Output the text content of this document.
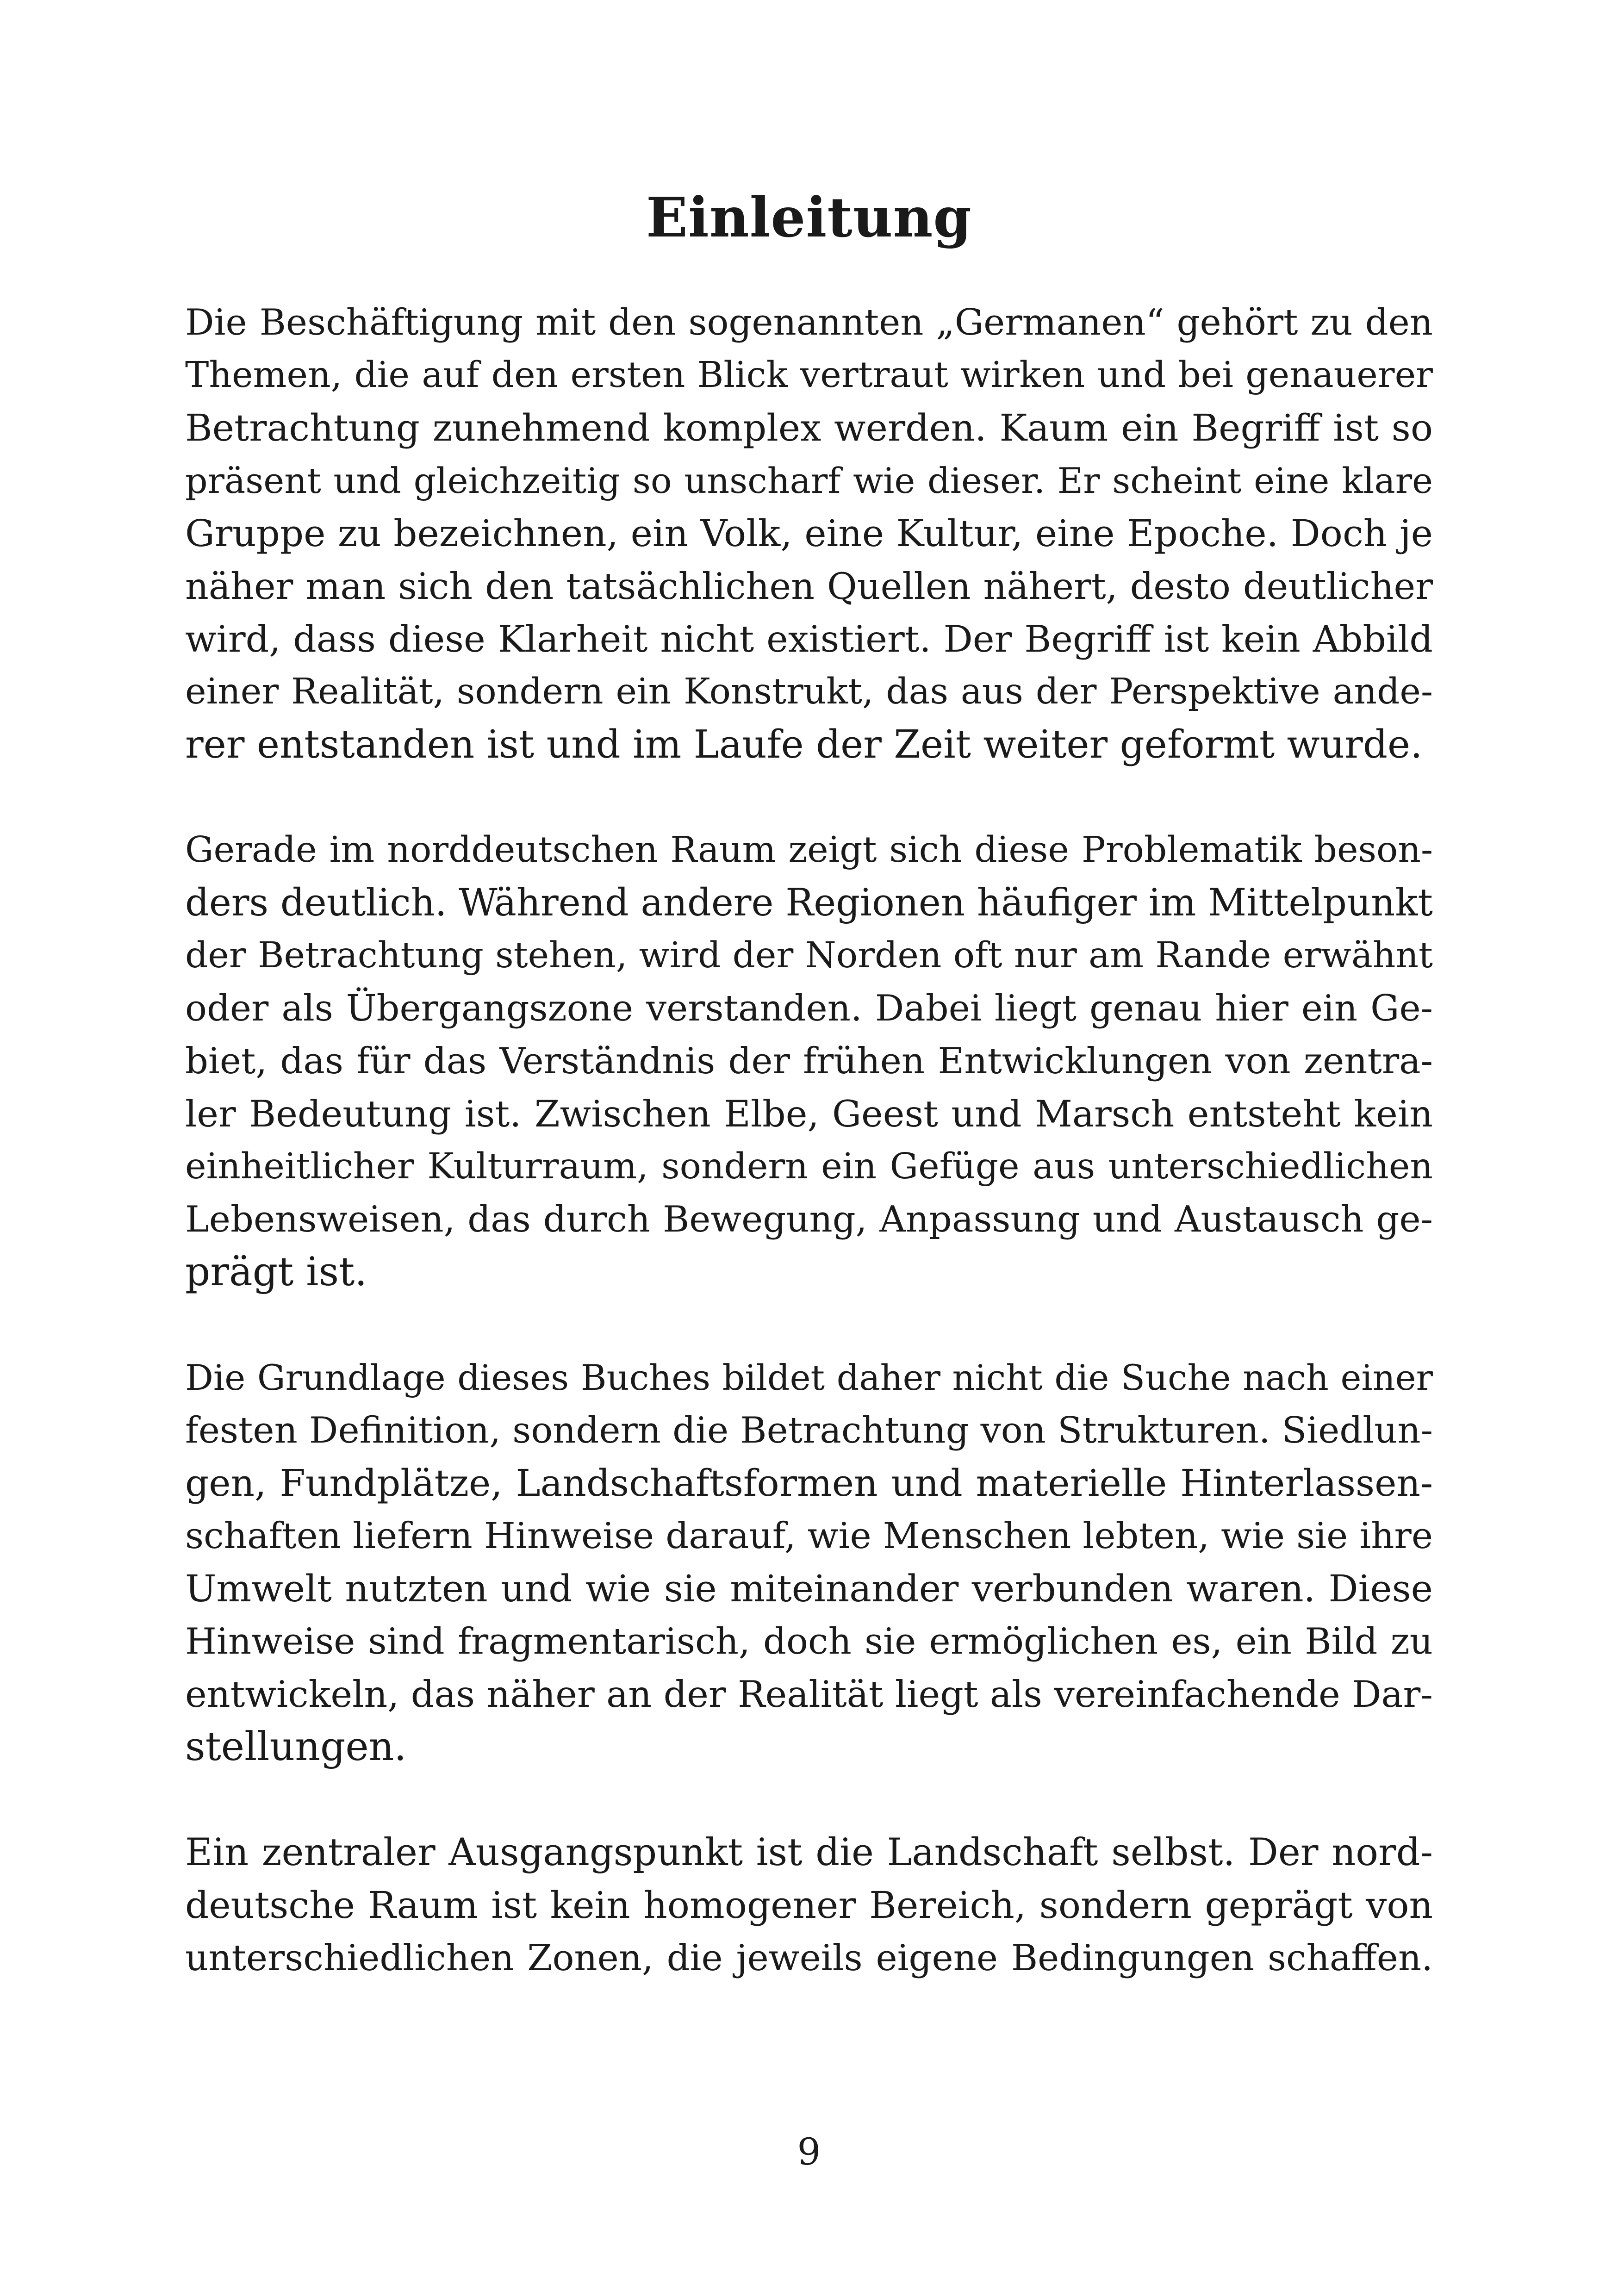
Einleitung

Die Beschäftigung mit den sogenannten „Germanen“ gehört zu den
Themen, die auf den ersten Blick vertraut wirken und bei genauerer
Betrachtung zunehmend komplex werden. Kaum ein Begriff ist so
präsent und gleichzeitig so unscharf wie dieser. Er scheint eine klare
Gruppe zu bezeichnen, ein Volk, eine Kultur, eine Epoche. Doch je
näher man sich den tatsächlichen Quellen nähert, desto deutlicher
wird, dass diese Klarheit nicht existiert. Der Begriff ist kein Abbild
einer Realität, sondern ein Konstrukt, das aus der Perspektive ande-
rer entstanden ist und im Laufe der Zeit weiter geformt wurde.

Gerade im norddeutschen Raum zeigt sich diese Problematik beson-
ders deutlich. Während andere Regionen häufiger im Mittelpunkt
der Betrachtung stehen, wird der Norden oft nur am Rande erwähnt
oder als Übergangszone verstanden. Dabei liegt genau hier ein Ge-
biet, das für das Verständnis der frühen Entwicklungen von zentra-
ler Bedeutung ist. Zwischen Elbe, Geest und Marsch entsteht kein
einheitlicher Kulturraum, sondern ein Gefüge aus unterschiedlichen
Lebensweisen, das durch Bewegung, Anpassung und Austausch ge-
prägt ist.

Die Grundlage dieses Buches bildet daher nicht die Suche nach einer
festen Definition, sondern die Betrachtung von Strukturen. Siedlun-
gen, Fundplätze, Landschaftsformen und materielle Hinterlassen-
schaften liefern Hinweise darauf, wie Menschen lebten, wie sie ihre
Umwelt nutzten und wie sie miteinander verbunden waren. Diese
Hinweise sind fragmentarisch, doch sie ermöglichen es, ein Bild zu
entwickeln, das näher an der Realität liegt als vereinfachende Dar-
stellungen.

Ein zentraler Ausgangspunkt ist die Landschaft selbst. Der nord-
deutsche Raum ist kein homogener Bereich, sondern geprägt von
unterschiedlichen Zonen, die jeweils eigene Bedingungen schaffen.

9
